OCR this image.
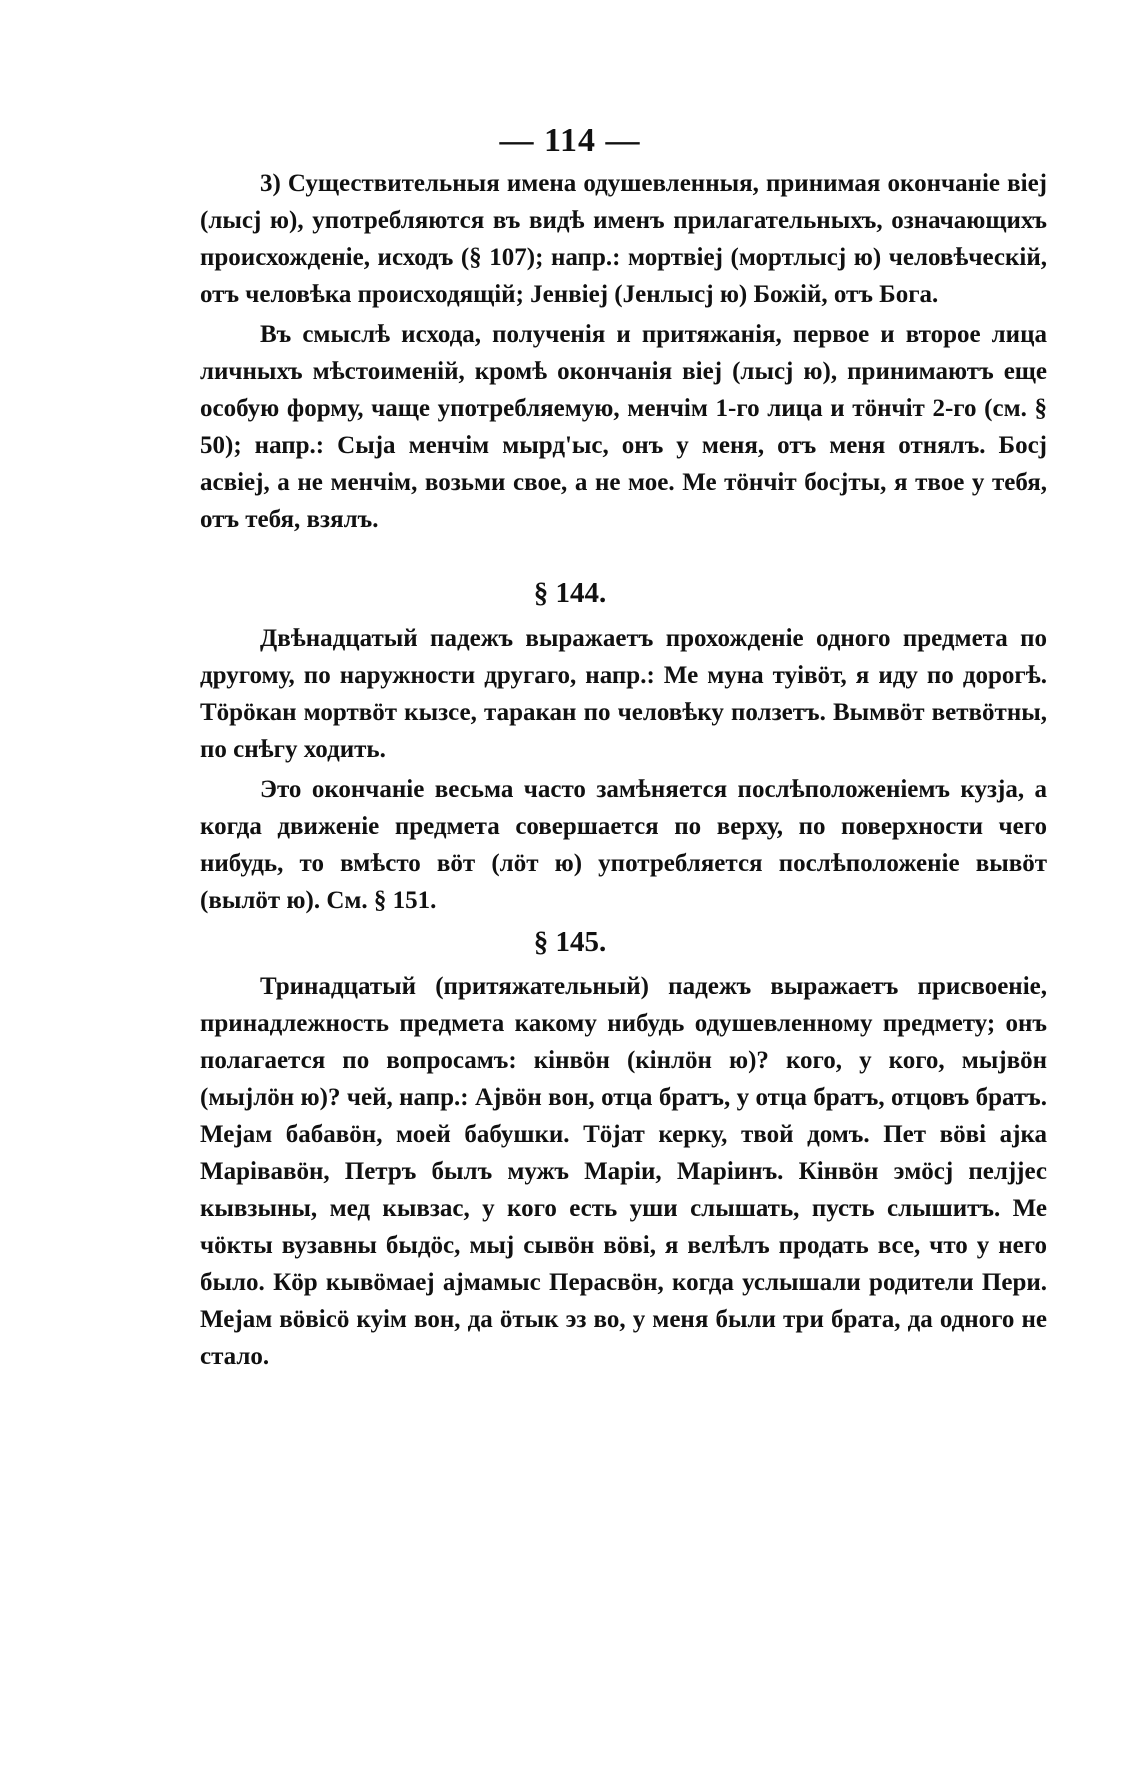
— 114 —

3) Существительныя имена одушевленныя, принимая окончаніе віеј (лысј ю), употребляются въ видѣ именъ прилагательныхъ, означающихъ происхожденіе, исходъ (§ 107); напр.: мортвіеј (мортлысј ю) человѣческій, отъ человѣка происходящій; Јенвіеј (Јенлысј ю) Божій, отъ Бога.

Въ смыслѣ исхода, полученія и притяжанія, первое и второе лица личныхъ мѣстоименій, кромѣ окончанія віеј (лысј ю), принимаютъ еще особую форму, чаще употребляемую, менчім 1-го лица и тöнчіт 2-го (см. § 50); напр.: Сыја менчім мырд'ыс, онъ у меня, отъ меня отнялъ. Босј асвіеј, а не менчім, возьми свое, а не мое. Ме тöнчіт босјты, я твое у тебя, отъ тебя, взялъ.

§ 144.

Двѣнадцатый падежъ выражаетъ прохожденіе одного предмета по другому, по наружности другаго, напр.: Ме муна туівöт, я иду по дорогѣ. Тöрöкан мортвöт кызсе, таракан по человѣку ползетъ. Вымвöт ветвöтны, по снѣгу ходить.

Это окончаніе весьма часто замѣняется послѣположеніемъ кузја, а когда движеніе предмета совершается по верху, по поверхности чего нибудь, то вмѣсто вöт (лöт ю) употребляется послѣположеніе вывöт (вылöт ю). См. § 151.

§ 145.

Тринадцатый (притяжательный) падежъ выражаетъ присвоеніе, принадлежность предмета какому нибудь одушевленному предмету; онъ полагается по вопросамъ: кінвöн (кінлöн ю)? кого, у кого, мыјвöн (мыјлöн ю)? чей, напр.: Ајвöн вон, отца братъ, у отца братъ, отцовъ братъ. Мејам бабавöн, моей бабушки. Тöјат керку, твой домъ. Пет вöві ајка Марівавöн, Петръ былъ мужъ Маріи, Маріинъ. Кінвöн эмöсј пелјјес кывзыны, мед кывзас, у кого есть уши слышать, пусть слышитъ. Ме чöкты вузавны быдöс, мыј сывöн вöві, я велѣлъ продать все, что у него было. Кöр кывöмаеј ајмамыс Перасвöн, когда услышали родители Пери. Мејам вöвісö куім вон, да öтык эз во, у меня были три брата, да одного не стало.
